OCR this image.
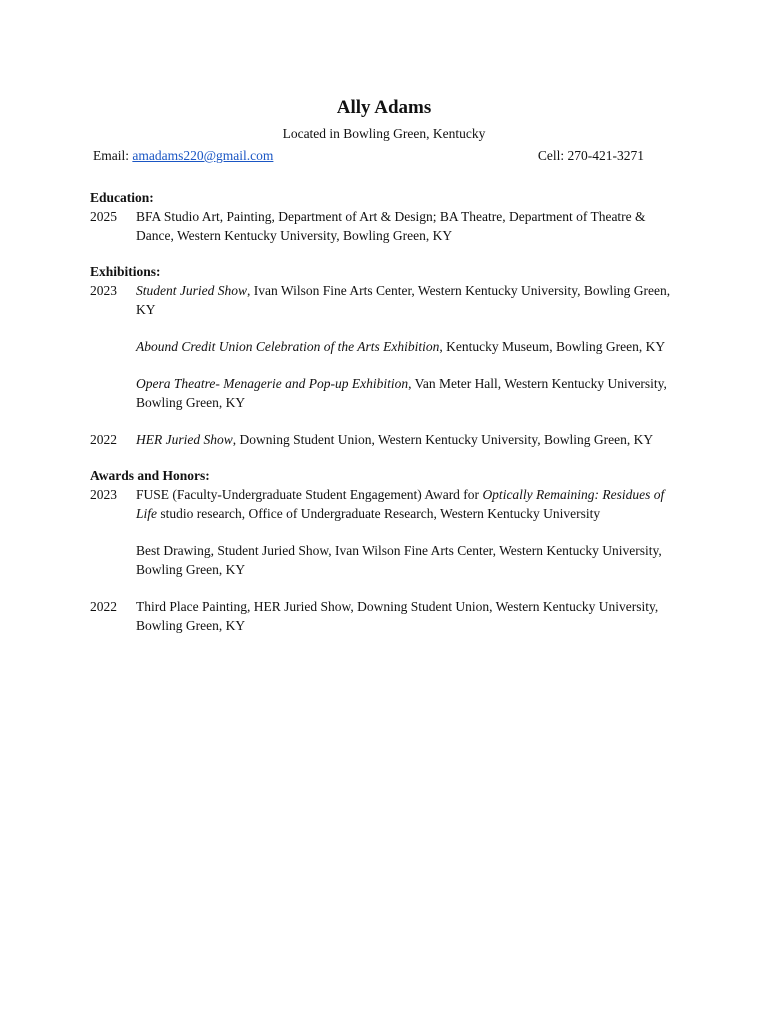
Ally Adams
Located in Bowling Green, Kentucky
Email: amadams220@gmail.com	Cell: 270-421-3271
Education:
2025	BFA Studio Art, Painting, Department of Art & Design; BA Theatre, Department of Theatre & Dance, Western Kentucky University, Bowling Green, KY
Exhibitions:
2023	Student Juried Show, Ivan Wilson Fine Arts Center, Western Kentucky University, Bowling Green, KY
Abound Credit Union Celebration of the Arts Exhibition, Kentucky Museum, Bowling Green, KY
Opera Theatre- Menagerie and Pop-up Exhibition, Van Meter Hall, Western Kentucky University, Bowling Green, KY
2022	HER Juried Show, Downing Student Union, Western Kentucky University, Bowling Green, KY
Awards and Honors:
2023	FUSE (Faculty-Undergraduate Student Engagement) Award for Optically Remaining: Residues of Life studio research, Office of Undergraduate Research, Western Kentucky University
Best Drawing, Student Juried Show, Ivan Wilson Fine Arts Center, Western Kentucky University, Bowling Green, KY
2022	Third Place Painting, HER Juried Show, Downing Student Union, Western Kentucky University, Bowling Green, KY
